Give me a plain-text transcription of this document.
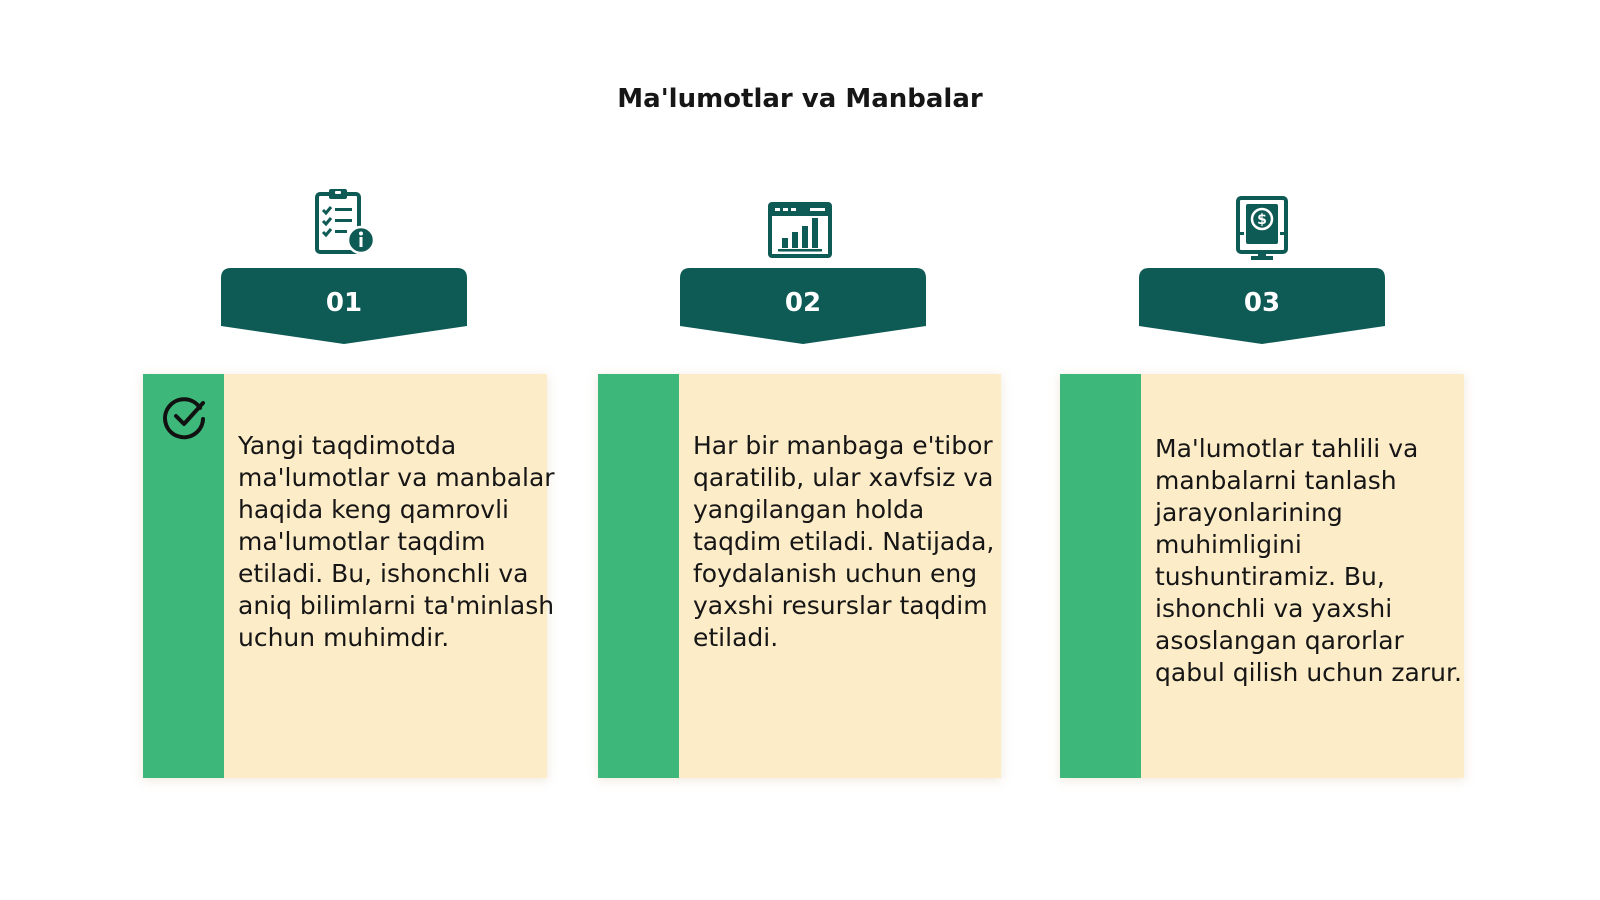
Ma'lumotlar va Manbalar
01

Yangi taqdimotda ma'lumotlar va manbalar haqida keng qamrovli ma'lumotlar taqdim etiladi. Bu, ishonchli va aniq bilimlarni ta'minlash uchun muhimdir.

02

Har bir manbaga e'tibor qaratilib, ular xavfsiz va yangilangan holda taqdim etiladi. Natijada, foydalanish uchun eng yaxshi resurslar taqdim etiladi.

$
03

Ma'lumotlar tahlili va manbalarni tanlash jarayonlarining muhimligini tushuntiramiz. Bu, ishonchli va yaxshi asoslangan qarorlar qabul qilish uchun zarur.
